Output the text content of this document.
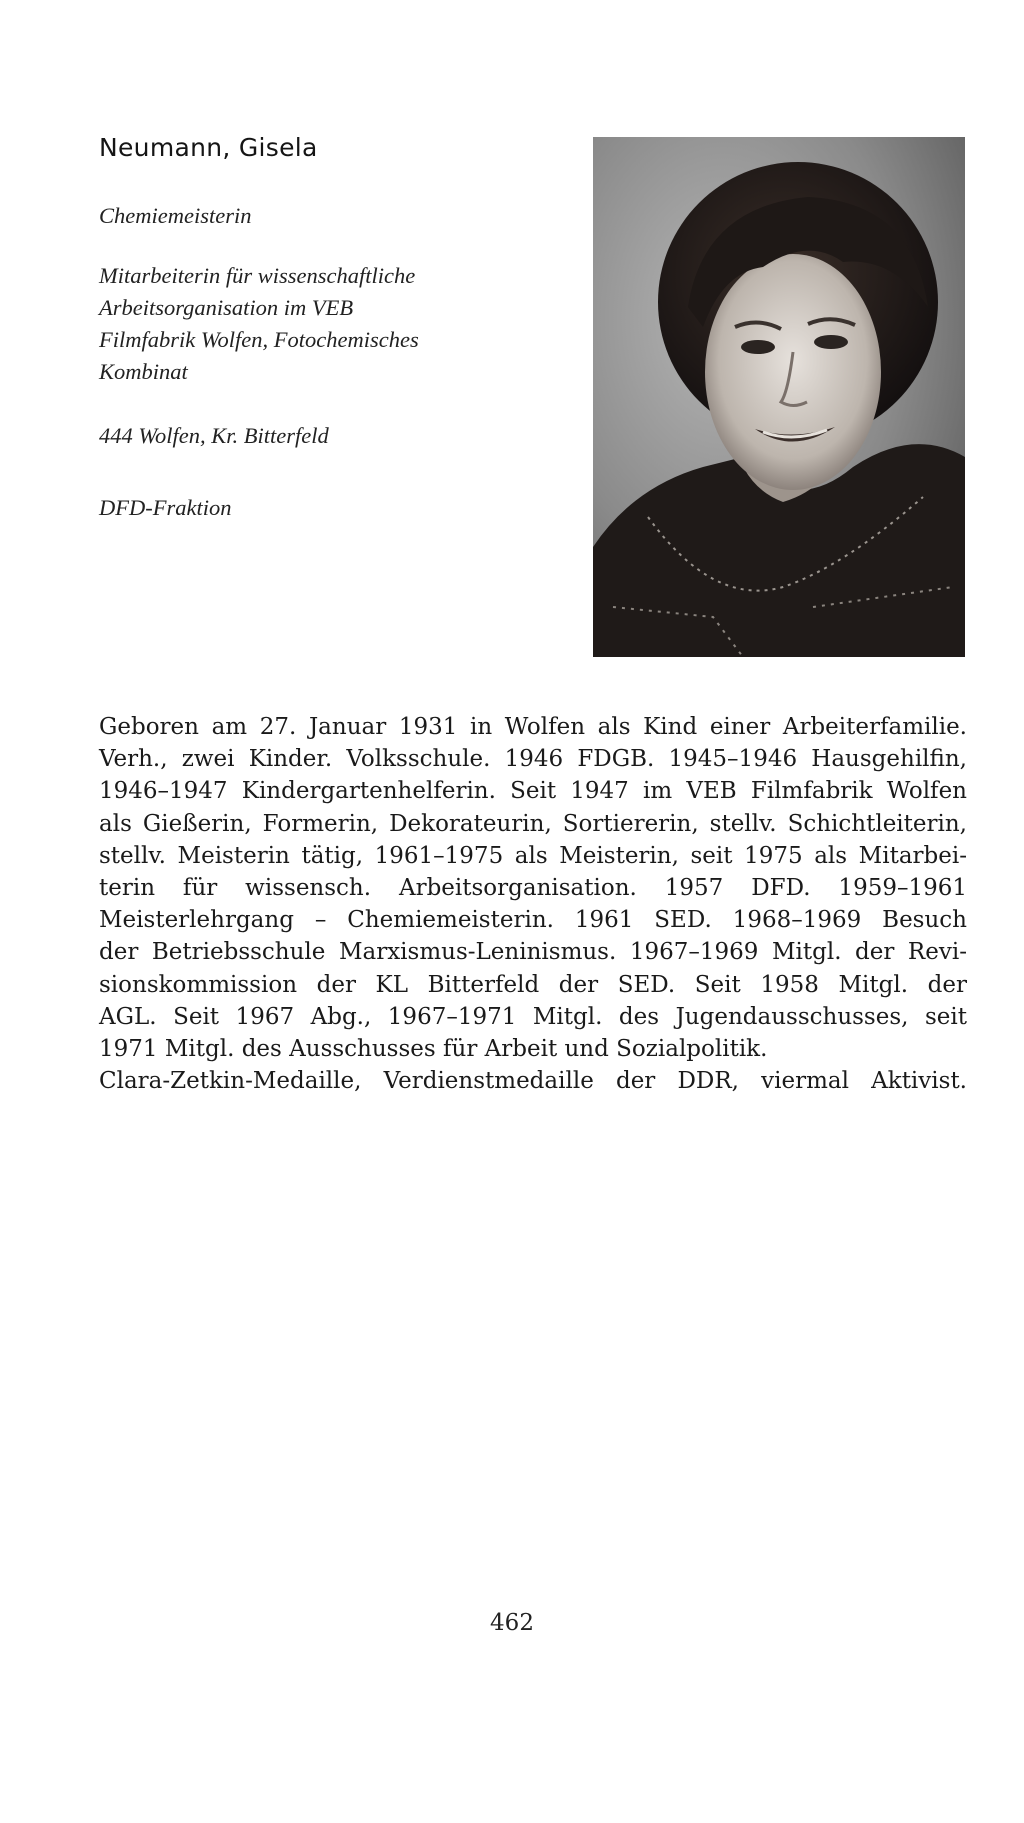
Neumann, Gisela

Chemiemeisterin

Mitarbeiterin für wissenschaftliche
Arbeitsorganisation im VEB
Filmfabrik Wolfen, Fotochemisches
Kombinat

444 Wolfen, Kr. Bitterfeld

DFD-Fraktion

Geboren am 27. Januar 1931 in Wolfen als Kind einer Arbeiterfamilie.
Verh., zwei Kinder. Volksschule. 1946 FDGB. 1945–1946 Hausgehilfin,
1946–1947 Kindergartenhelferin. Seit 1947 im VEB Filmfabrik Wolfen
als Gießerin, Formerin, Dekorateurin, Sortiererin, stellv. Schichtleiterin,
stellv. Meisterin tätig, 1961–1975 als Meisterin, seit 1975 als Mitarbei-
terin für wissensch. Arbeitsorganisation. 1957 DFD. 1959–1961
Meisterlehrgang – Chemiemeisterin. 1961 SED. 1968–1969 Besuch
der Betriebsschule Marxismus-Leninismus. 1967–1969 Mitgl. der Revi-
sionskommission der KL Bitterfeld der SED. Seit 1958 Mitgl. der
AGL. Seit 1967 Abg., 1967–1971 Mitgl. des Jugendausschusses, seit
1971 Mitgl. des Ausschusses für Arbeit und Sozialpolitik.
Clara-Zetkin-Medaille, Verdienstmedaille der DDR, viermal Aktivist.
462
